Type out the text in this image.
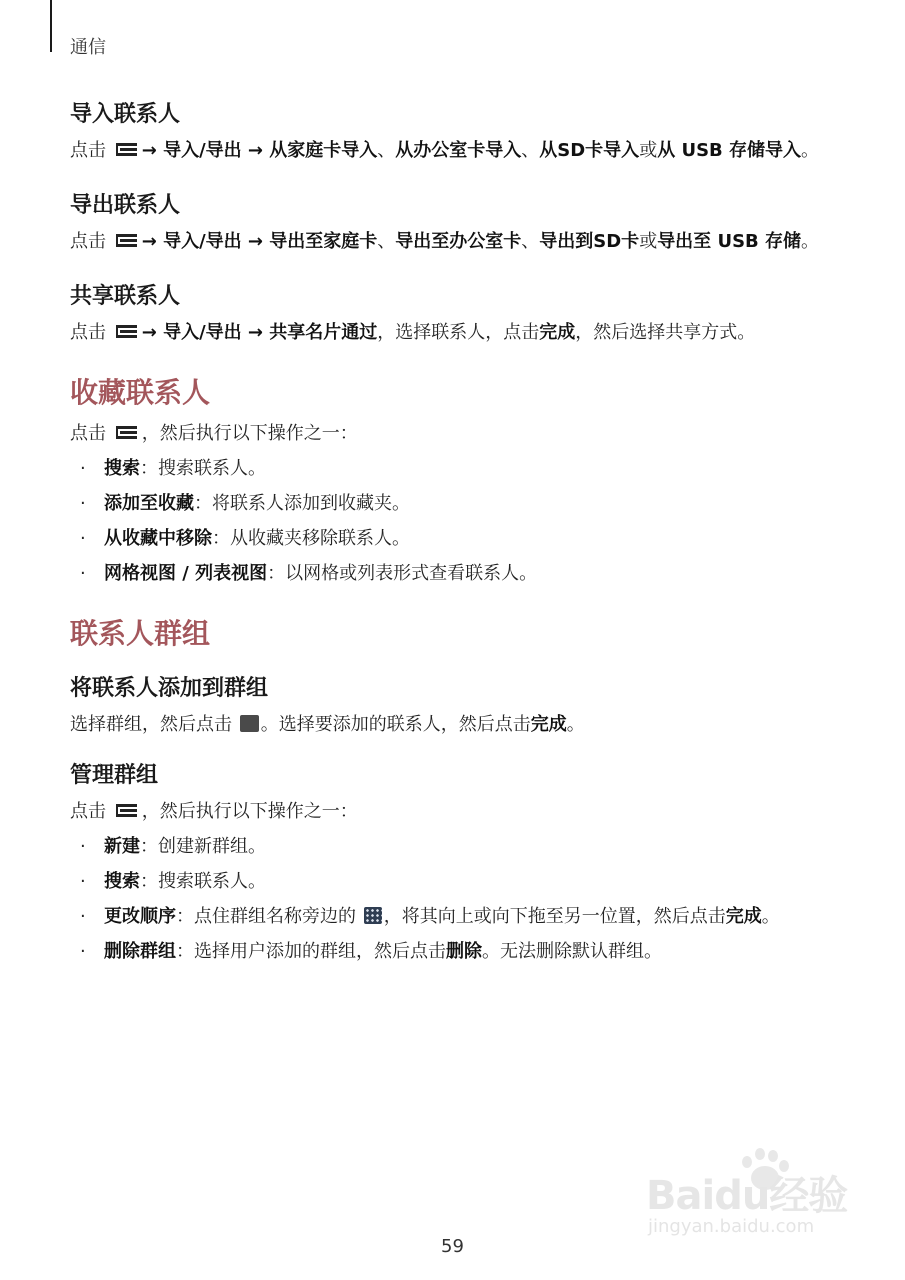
通信
导入联系人

点击 → 导入/导出 → 从家庭卡导入、从办公室卡导入、从SD卡导入或从 USB 存储导入。

导出联系人

点击 → 导入/导出 → 导出至家庭卡、导出至办公室卡、导出到SD卡或导出至 USB 存储。

共享联系人

点击 → 导入/导出 → 共享名片通过，选择联系人，点击完成，然后选择共享方式。

收藏联系人

点击 ，然后执行以下操作之一：

· 搜索：搜索联系人。
· 添加至收藏：将联系人添加到收藏夹。
· 从收藏中移除：从收藏夹移除联系人。
· 网格视图 / 列表视图：以网格或列表形式查看联系人。
联系人群组
将联系人添加到群组

选择群组，然后点击 。选择要添加的联系人，然后点击完成。

管理群组

点击 ，然后执行以下操作之一：

· 新建：创建新群组。
· 搜索：搜索联系人。
· 更改顺序：点住群组名称旁边的 ，将其向上或向下拖至另一位置，然后点击完成。
· 删除群组：选择用户添加的群组，然后点击删除。无法删除默认群组。
Baidu经验
jingyan.baidu.com
59
